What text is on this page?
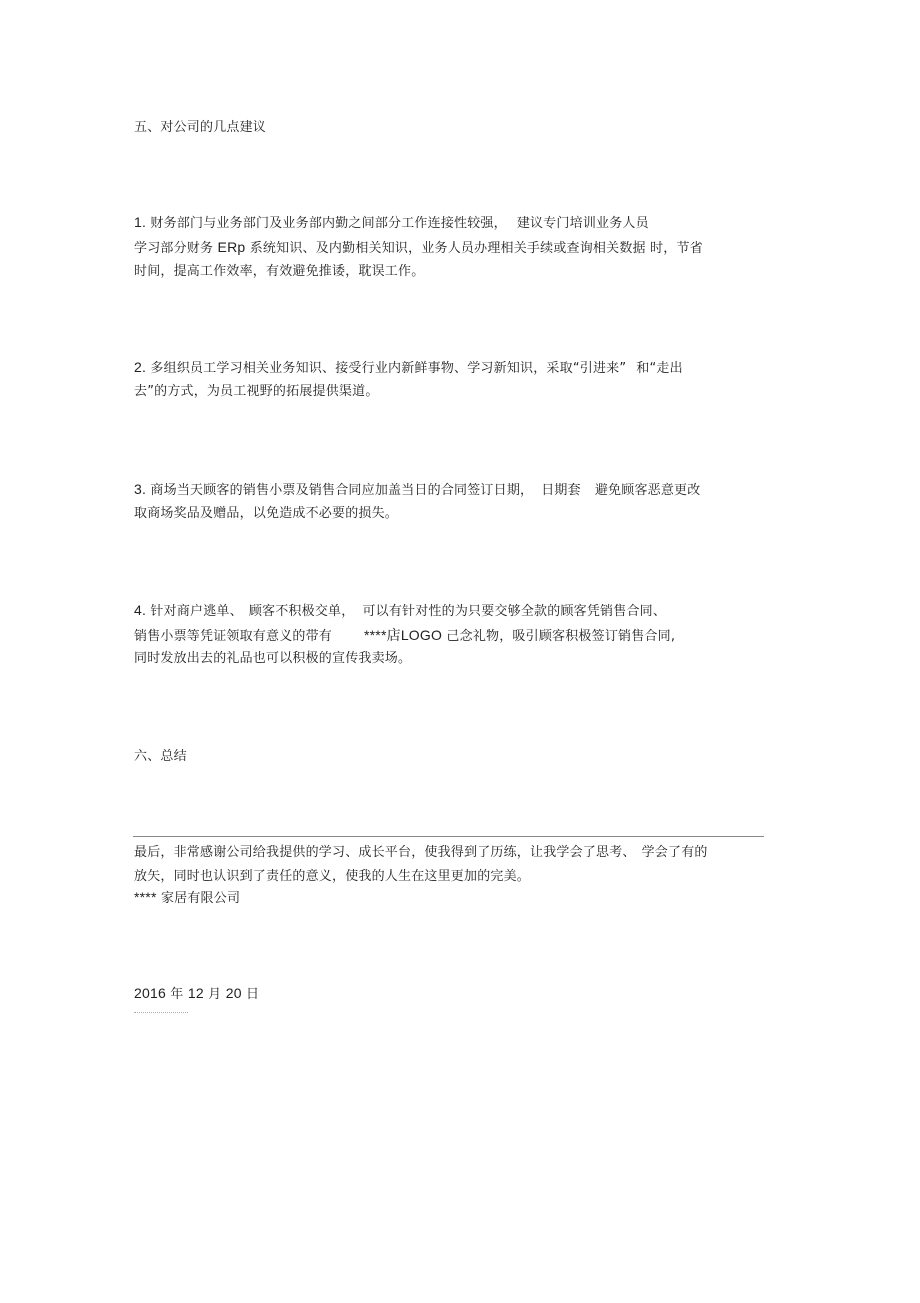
五、对公司的几点建议
1. 财务部门与业务部门及业务部内勤之间部分工作连接性较强， 建议专门培训业务人员
学习部分财务 ERp 系统知识、及内勤相关知识，业务人员办理相关手续或查询相关数据 时，节省
时间，提高工作效率，有效避免推诿，耽误工作。
2. 多组织员工学习相关业务知识、接受行业内新鲜事物、学习新知识，采取“引进来” 和“走出
去”的方式，为员工视野的拓展提供渠道。
3. 商场当天顾客的销售小票及销售合同应加盖当日的合同签订日期， 日期套 避免顾客恶意更改
取商场奖品及赠品，以免造成不必要的损失。
4. 针对商户逃单、 顾客不积极交单， 可以有针对性的为只要交够全款的顾客凭销售合同、
销售小票等凭证领取有意义的带有 ****店LOGO 己念礼物，吸引顾客积极签订销售合同,
同时发放出去的礼品也可以积极的宣传我卖场。
六、总结
最后，非常感谢公司给我提供的学习、成长平台，使我得到了历练，让我学会了思考、 学会了有的
放矢，同时也认识到了责任的意义，使我的人生在这里更加的完美。
**** 家居有限公司
2016 年 12 月 20 日
